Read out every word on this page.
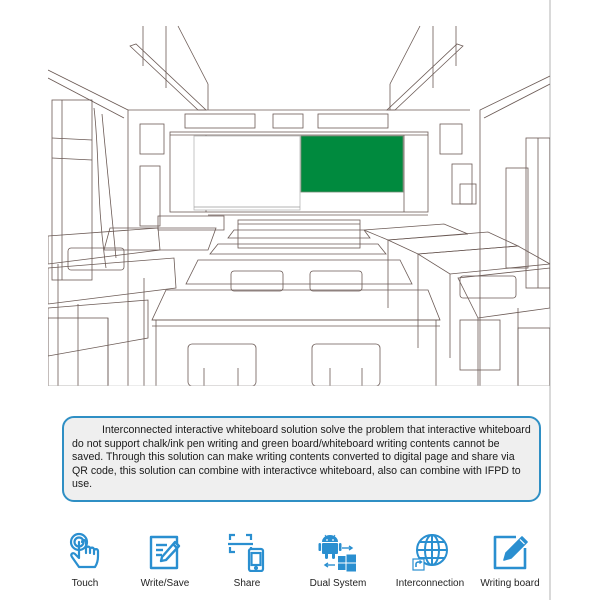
Interconnected interactive whiteboard solution solve the problem that interactive whiteboard do not support chalk/ink pen writing and green board/whiteboard writing contents cannot be saved. Through this solution can make writing contents converted to digital page and share via QR code, this solution can combine with interactivce whiteboard, also can combine with IFPD to use.

Touch	Write/Save	Share	Dual System	Interconnection	Writing board
